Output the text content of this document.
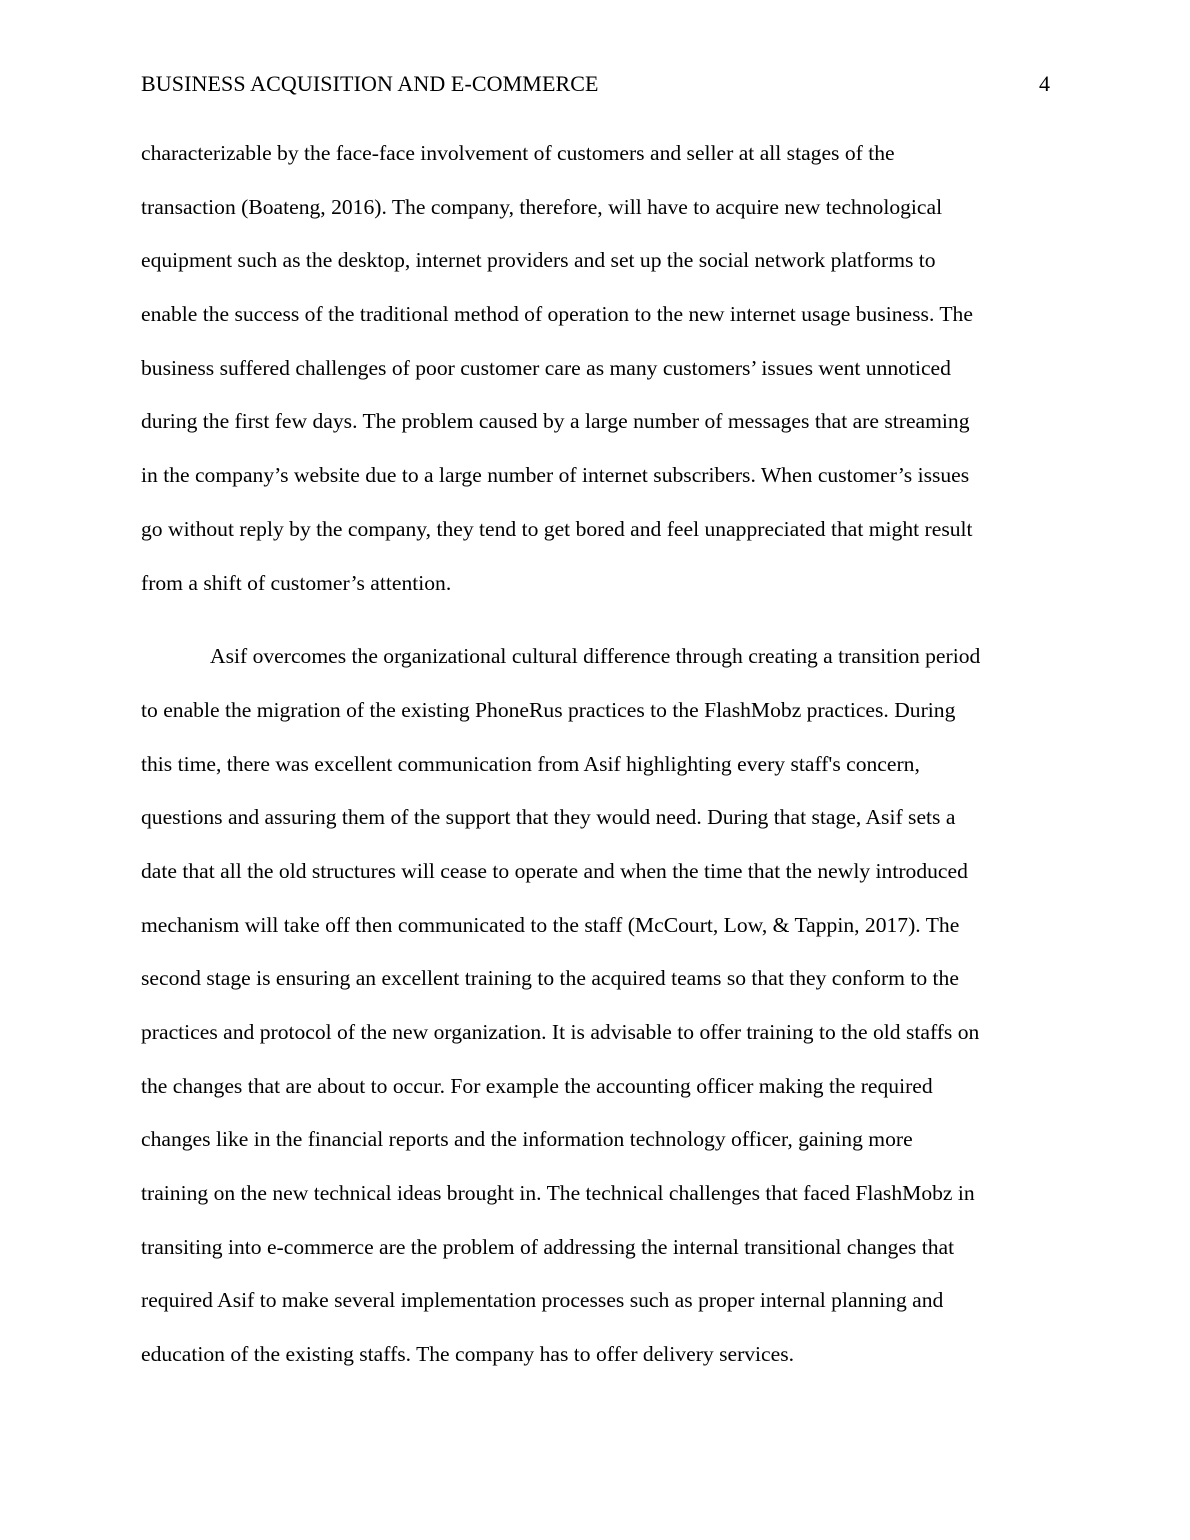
BUSINESS ACQUISITION AND E-COMMERCE	4

characterizable by the face-face involvement of customers and seller at all stages of the

transaction (Boateng, 2016). The company, therefore, will have to acquire new technological

equipment such as the desktop, internet providers and set up the social network platforms to

enable the success of the traditional method of operation to the new internet usage business. The

business suffered challenges of poor customer care as many customers’ issues went unnoticed

during the first few days. The problem caused by a large number of messages that are streaming

in the company’s website due to a large number of internet subscribers. When customer’s issues

go without reply by the company, they tend to get bored and feel unappreciated that might result

from a shift of customer’s attention.

Asif overcomes the organizational cultural difference through creating a transition period

to enable the migration of the existing PhoneRus practices to the FlashMobz practices. During

this time, there was excellent communication from Asif highlighting every staff's concern,

questions and assuring them of the support that they would need. During that stage, Asif sets a

date that all the old structures will cease to operate and when the time that the newly introduced

mechanism will take off then communicated to the staff (McCourt, Low, & Tappin, 2017). The

second stage is ensuring an excellent training to the acquired teams so that they conform to the

practices and protocol of the new organization. It is advisable to offer training to the old staffs on

the changes that are about to occur. For example the accounting officer making the required

changes like in the financial reports and the information technology officer, gaining more

training on the new technical ideas brought in. The technical challenges that faced FlashMobz in

transiting into e-commerce are the problem of addressing the internal transitional changes that

required Asif to make several implementation processes such as proper internal planning and

education of the existing staffs. The company has to offer delivery services.
